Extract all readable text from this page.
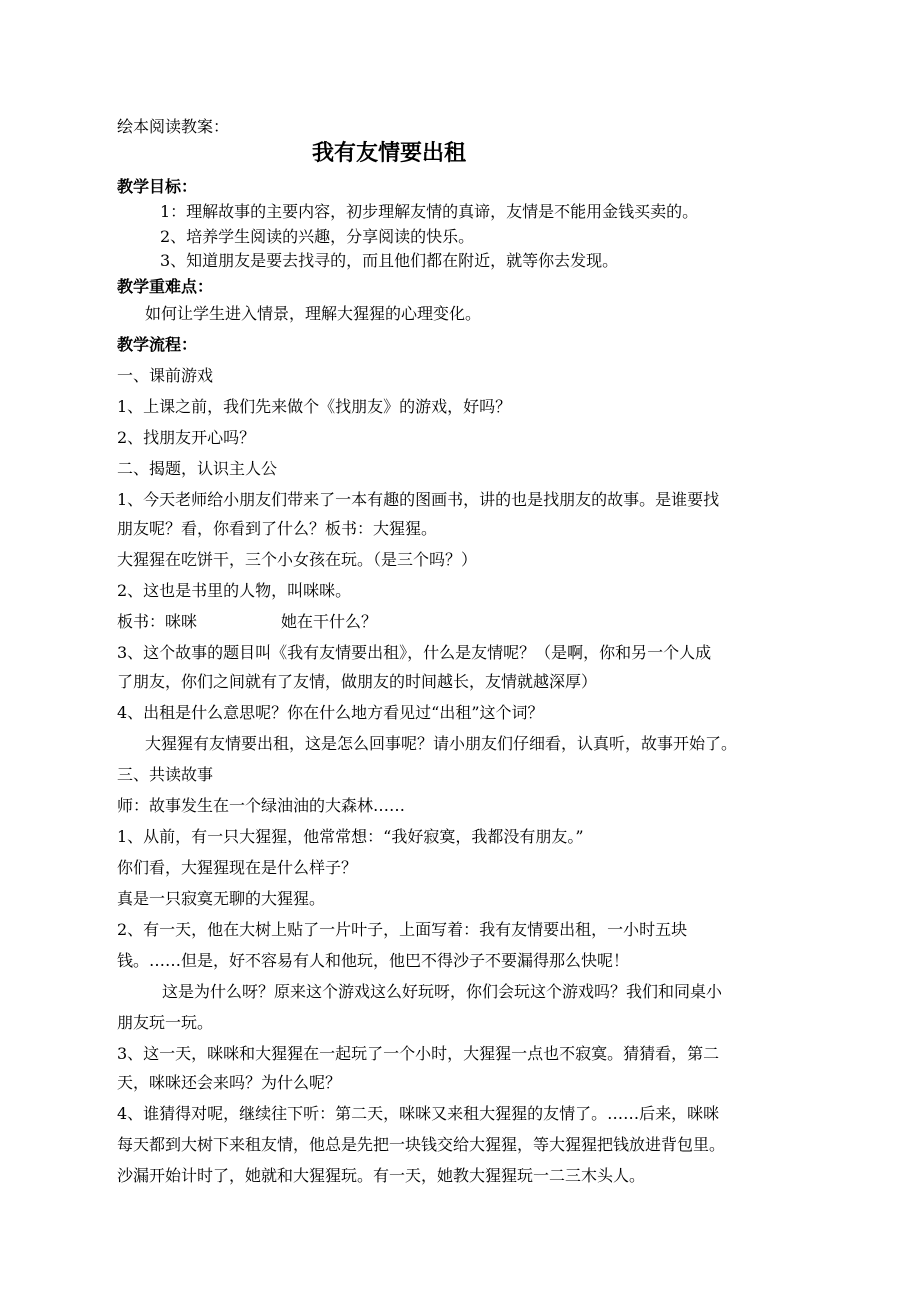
绘本阅读教案：
我有友情要出租
教学目标：
1：理解故事的主要内容，初步理解友情的真谛，友情是不能用金钱买卖的。
2、培养学生阅读的兴趣，分享阅读的快乐。
3、知道朋友是要去找寻的，而且他们都在附近，就等你去发现。
教学重难点：
如何让学生进入情景，理解大猩猩的心理变化。
教学流程：
一、课前游戏
1、上课之前，我们先来做个《找朋友》的游戏，好吗？
2、找朋友开心吗？
二、揭题，认识主人公
1、今天老师给小朋友们带来了一本有趣的图画书，讲的也是找朋友的故事。是谁要找
朋友呢？看，你看到了什么？板书：大猩猩。
大猩猩在吃饼干，三个小女孩在玩。（是三个吗？）
2、这也是书里的人物，叫咪咪。
板书：咪咪	她在干什么？
3、这个故事的题目叫《我有友情要出租》，什么是友情呢？（是啊，你和另一个人成
了朋友，你们之间就有了友情，做朋友的时间越长，友情就越深厚）
4、出租是什么意思呢？你在什么地方看见过“出租”这个词？
大猩猩有友情要出租，这是怎么回事呢？请小朋友们仔细看，认真听，故事开始了。
三、共读故事
师：故事发生在一个绿油油的大森林……
1、从前，有一只大猩猩，他常常想：“我好寂寞，我都没有朋友。”
你们看，大猩猩现在是什么样子？
真是一只寂寞无聊的大猩猩。
2、有一天，他在大树上贴了一片叶子，上面写着：我有友情要出租，一小时五块
钱。……但是，好不容易有人和他玩，他巴不得沙子不要漏得那么快呢！
这是为什么呀？原来这个游戏这么好玩呀，你们会玩这个游戏吗？我们和同桌小
朋友玩一玩。
3、这一天，咪咪和大猩猩在一起玩了一个小时，大猩猩一点也不寂寞。猜猜看，第二
天，咪咪还会来吗？为什么呢？
4、谁猜得对呢，继续往下听：第二天，咪咪又来租大猩猩的友情了。……后来，咪咪
每天都到大树下来租友情，他总是先把一块钱交给大猩猩，等大猩猩把钱放进背包里。
沙漏开始计时了，她就和大猩猩玩。有一天，她教大猩猩玩一二三木头人。
